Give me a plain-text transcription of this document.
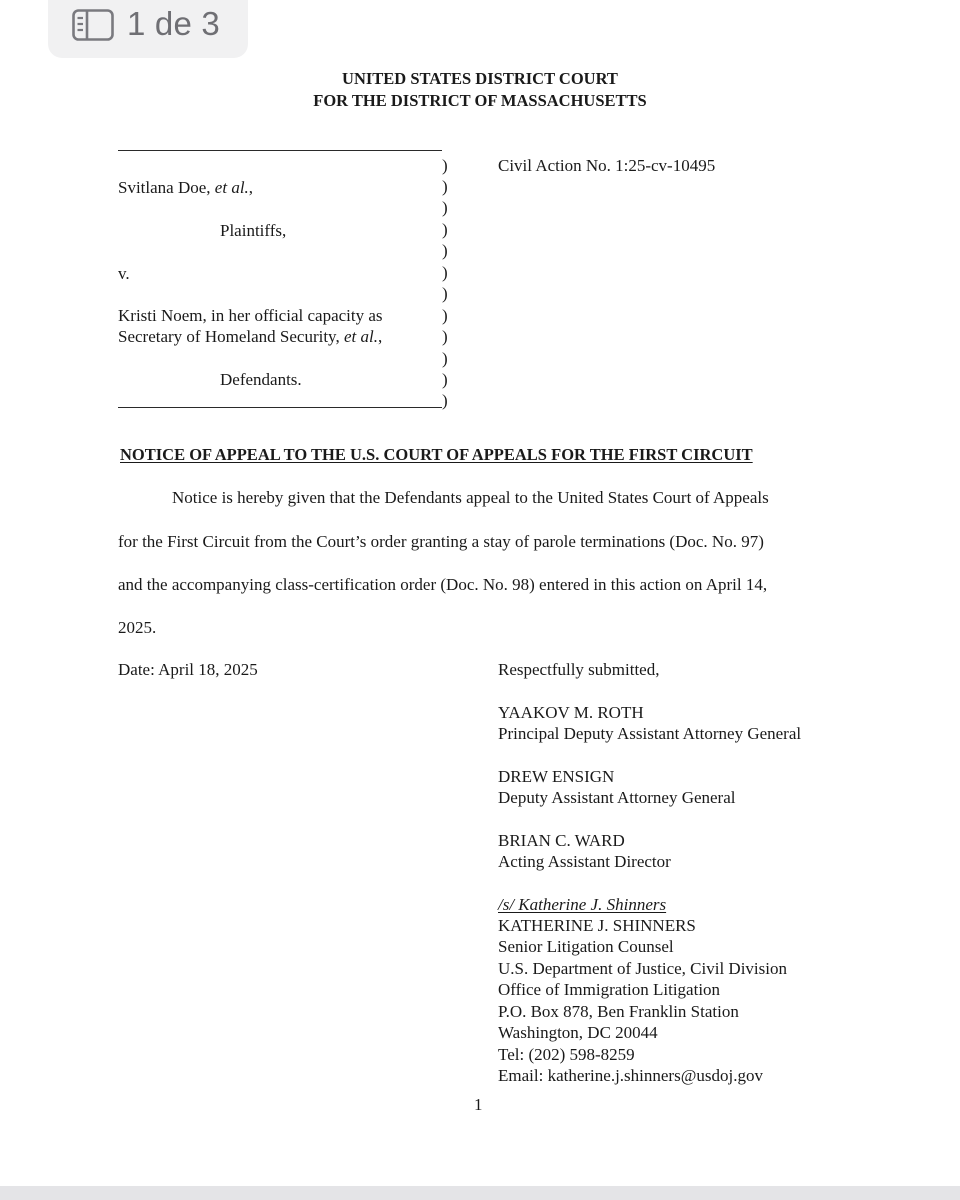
1 de 3
UNITED STATES DISTRICT COURT
FOR THE DISTRICT OF MASSACHUSETTS
)
)
)
)
)
)
)
)
)
)
)
)
Civil Action No. 1:25-cv-10495
Svitlana Doe, et al.,
Plaintiffs,
v.
Kristi Noem, in her official capacity as
Secretary of Homeland Security, et al.,
Defendants.
NOTICE OF APPEAL TO THE U.S. COURT OF APPEALS FOR THE FIRST CIRCUIT
Notice is hereby given that the Defendants appeal to the United States Court of Appeals
for the First Circuit from the Court’s order granting a stay of parole terminations (Doc. No. 97)
and the accompanying class-certification order (Doc. No. 98) entered in this action on April 14,
2025.
Date: April 18, 2025	Respectfully submitted,
YAAKOV M. ROTH
Principal Deputy Assistant Attorney General
DREW ENSIGN
Deputy Assistant Attorney General
BRIAN C. WARD
Acting Assistant Director
/s/ Katherine J. Shinners
KATHERINE J. SHINNERS
Senior Litigation Counsel
U.S. Department of Justice, Civil Division
Office of Immigration Litigation
P.O. Box 878, Ben Franklin Station
Washington, DC 20044
Tel: (202) 598-8259
Email: katherine.j.shinners@usdoj.gov
1
